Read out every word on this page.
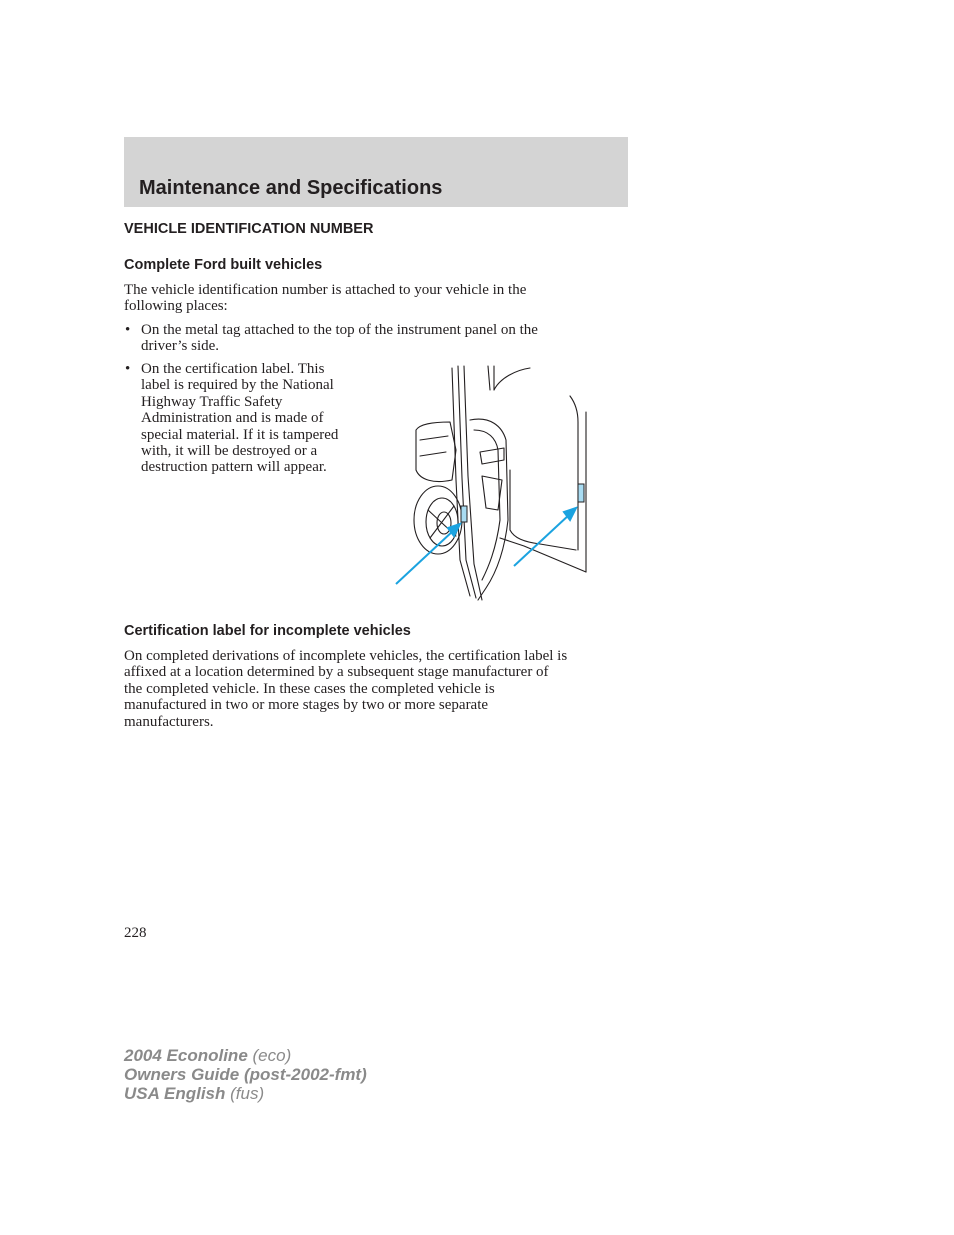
Maintenance and Specifications
VEHICLE IDENTIFICATION NUMBER
Complete Ford built vehicles

The vehicle identification number is attached to your vehicle in the
following places:

• On the metal tag attached to the top of the instrument panel on the
driver’s side.
• On the certification label. This
label is required by the National
Highway Traffic Safety
Administration and is made of
special material. If it is tampered
with, it will be destroyed or a
destruction pattern will appear.
Certification label for incomplete vehicles

On completed derivations of incomplete vehicles, the certification label is
affixed at a location determined by a subsequent stage manufacturer of
the completed vehicle. In these cases the completed vehicle is
manufactured in two or more stages by two or more separate
manufacturers.

228

2004 Econoline (eco)
Owners Guide (post-2002-fmt)
USA English (fus)
